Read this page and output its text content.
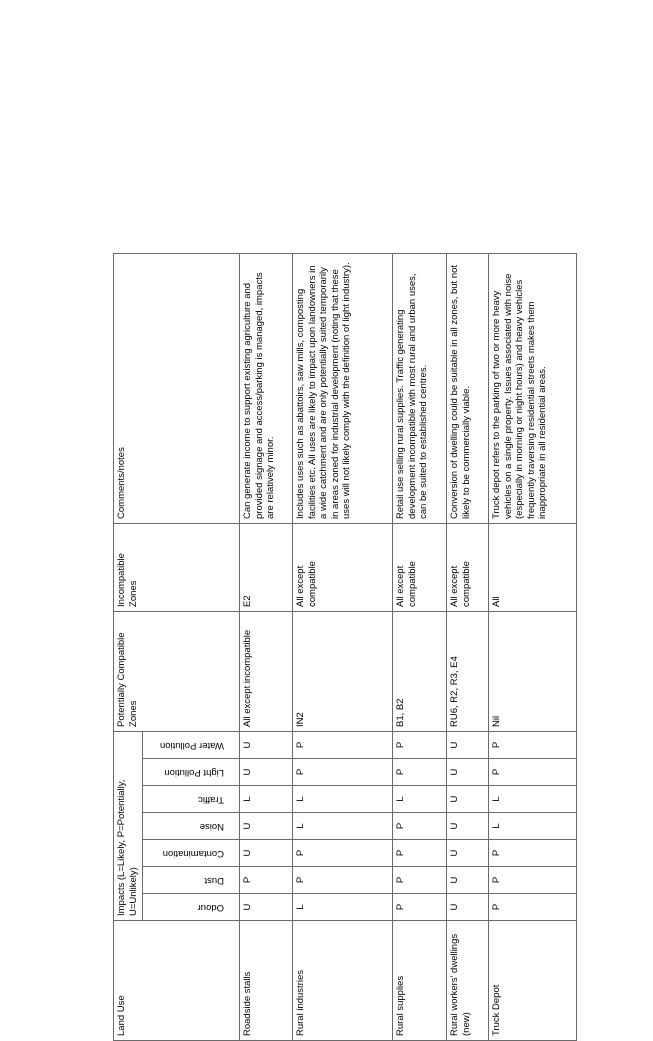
Land Use	Impacts (L=Likely, P=Potentially, U=Unlikely)							Potentially Compatible Zones	Incompatible Zones	Comments/notes

	Odour	Dust	Contamination	Noise	Traffic	Light Pollution	Water Pollution			

Roadside stalls	U	P	U	U	L	U	U	All except incompatible	E2	Can generate income to support existing agriculture and provided signage and access/parking is managed, impacts are relatively minor.
Rural industries	L	P	P	L	L	P	P	IN2	All except compatible	Includes uses such as abattoirs, saw mills, composting facilities etc. All uses are likely to impact upon landowners in a wide catchment and are only potentially suited temporarily in areas zoned for industrial development (noting that these uses will not likely comply with the definition of light industry).
Rural supplies	P	P	P	P	L	P	P	B1, B2	All except compatible	Retail use selling rural supplies. Traffic generating development incompatible with most rural and urban uses, can be suited to established centres.
Rural workers' dwellings (new)	U	U	U	U	U	U	U	RU6, R2, R3, E4	All except compatible	Conversion of dwelling could be suitable in all zones, but not likely to be commercially viable.
Truck Depot	P	P	P	L	L	P	P	Nil	All	Truck depot refers to the parking of two or more heavy vehicles on a single property. Issues associated with noise (especially in morning or night hours) and heavy vehicles frequently traversing residential streets makes them inappropriate in all residential areas.
